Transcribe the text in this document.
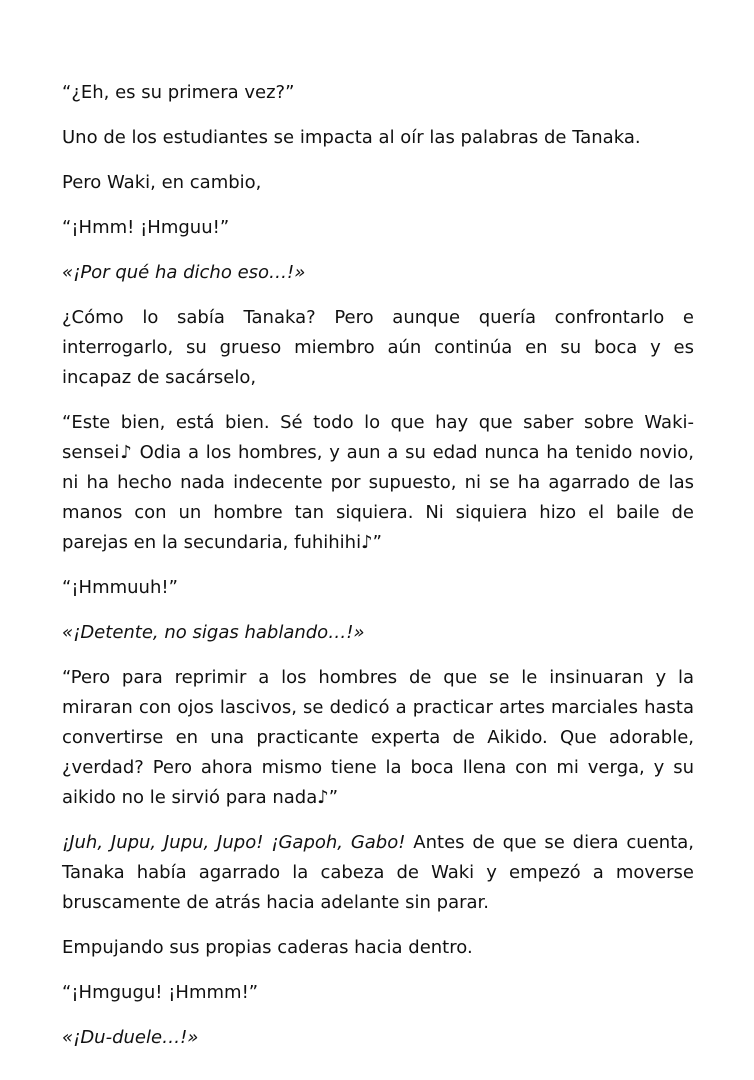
“¿Eh, es su primera vez?”

Uno de los estudiantes se impacta al oír las palabras de Tanaka.

Pero Waki, en cambio,

“¡Hmm! ¡Hmguu!”

«¡Por qué ha dicho eso…!»

¿Cómo lo sabía Tanaka? Pero aunque quería confrontarlo e interrogarlo, su grueso miembro aún continúa en su boca y es incapaz de sacárselo,

“Este bien, está bien. Sé todo lo que hay que saber sobre Waki-sensei♪ Odia a los hombres, y aun a su edad nunca ha tenido novio, ni ha hecho nada indecente por supuesto, ni se ha agarrado de las manos con un hombre tan siquiera. Ni siquiera hizo el baile de parejas en la secundaria, fuhihihi♪”

“¡Hmmuuh!”

«¡Detente, no sigas hablando…!»

“Pero para reprimir a los hombres de que se le insinuaran y la miraran con ojos lascivos, se dedicó a practicar artes marciales hasta convertirse en una practicante experta de Aikido. Que adorable, ¿verdad? Pero ahora mismo tiene la boca llena con mi verga, y su aikido no le sirvió para nada♪”

¡Juh, Jupu, Jupu, Jupo! ¡Gapoh, Gabo! Antes de que se diera cuenta, Tanaka había agarrado la cabeza de Waki y empezó a moverse bruscamente de atrás hacia adelante sin parar.

Empujando sus propias caderas hacia dentro.

“¡Hmgugu! ¡Hmmm!”

«¡Du-duele…!»
